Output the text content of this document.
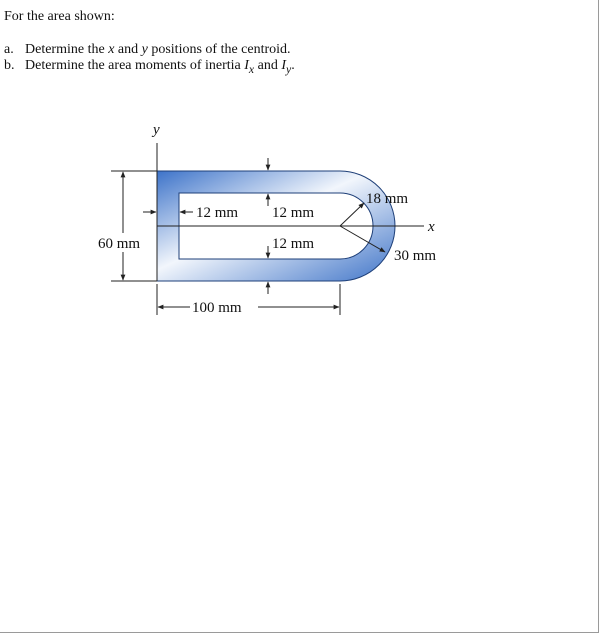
For the area shown:
a. Determine the x and y positions of the centroid.
b. Determine the area moments of inertia $I_x$ and $I_y$.
y
x
60 mm
100 mm
12 mm 12 mm
12 mm
18 mm
30 mm
